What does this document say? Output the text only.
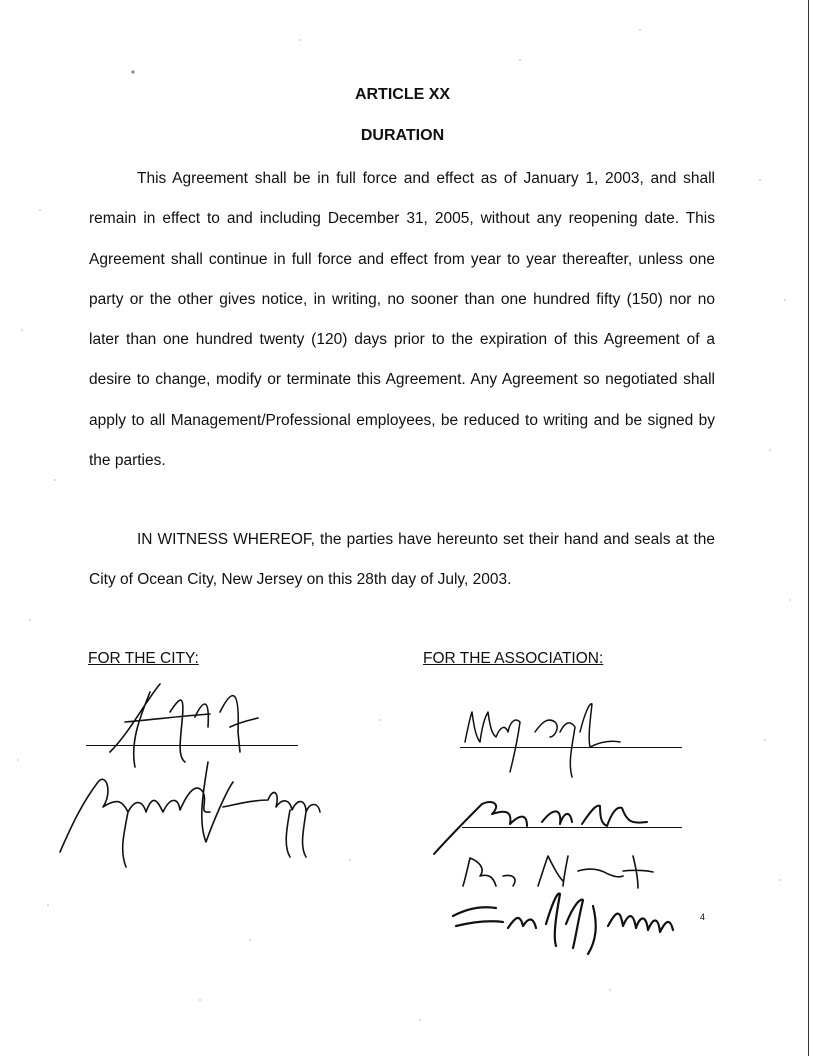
ARTICLE XX
DURATION

This Agreement shall be in full force and effect as of January 1, 2003, and shall remain in effect to and including December 31, 2005, without any reopening date. This Agreement shall continue in full force and effect from year to year thereafter, unless one party or the other gives notice, in writing, no sooner than one hundred fifty (150) nor no later than one hundred twenty (120) days prior to the expiration of this Agreement of a desire to change, modify or terminate this Agreement. Any Agreement so negotiated shall apply to all Management/Professional employees, be reduced to writing and be signed by the parties.

IN WITNESS WHEREOF, the parties have hereunto set their hand and seals at the City of Ocean City, New Jersey on this 28th day of July, 2003.

FOR THE CITY:	FOR THE ASSOCIATION:
4
